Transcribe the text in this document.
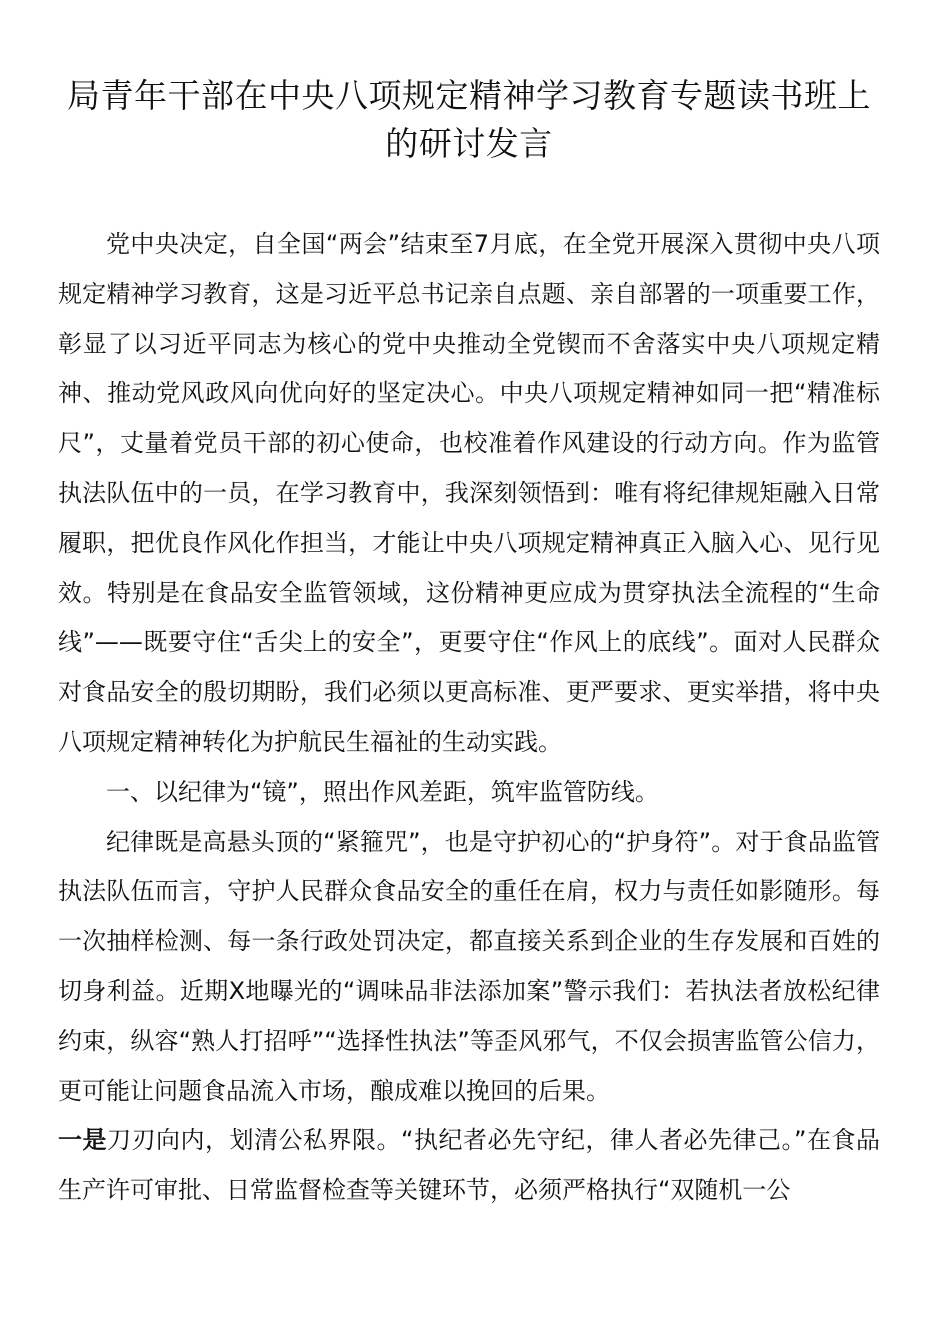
局青年干部在中央八项规定精神学习教育专题读书班上的研讨发言

党中央决定，自全国“两会”结束至7月底，在全党开展深入贯彻中央八项规定精神学习教育，这是习近平总书记亲自点题、亲自部署的一项重要工作，彰显了以习近平同志为核心的党中央推动全党锲而不舍落实中央八项规定精神、推动党风政风向优向好的坚定决心。中央八项规定精神如同一把“精准标尺”，丈量着党员干部的初心使命，也校准着作风建设的行动方向。作为监管执法队伍中的一员，在学习教育中，我深刻领悟到：唯有将纪律规矩融入日常履职，把优良作风化作担当，才能让中央八项规定精神真正入脑入心、见行见效。特别是在食品安全监管领域，这份精神更应成为贯穿执法全流程的“生命线”——既要守住“舌尖上的安全”，更要守住“作风上的底线”。面对人民群众对食品安全的殷切期盼，我们必须以更高标准、更严要求、更实举措，将中央八项规定精神转化为护航民生福祉的生动实践。

一、以纪律为“镜”，照出作风差距，筑牢监管防线。

纪律既是高悬头顶的“紧箍咒”，也是守护初心的“护身符”。对于食品监管执法队伍而言，守护人民群众食品安全的重任在肩，权力与责任如影随形。每一次抽样检测、每一条行政处罚决定，都直接关系到企业的生存发展和百姓的切身利益。近期X地曝光的“调味品非法添加案”警示我们：若执法者放松纪律约束，纵容“熟人打招呼”“选择性执法”等歪风邪气，不仅会损害监管公信力，更可能让问题食品流入市场，酿成难以挽回的后果。

一是刀刃向内，划清公私界限。“执纪者必先守纪，律人者必先律己。”在食品生产许可审批、日常监督检查等关键环节，必须严格执行“双随机一公
